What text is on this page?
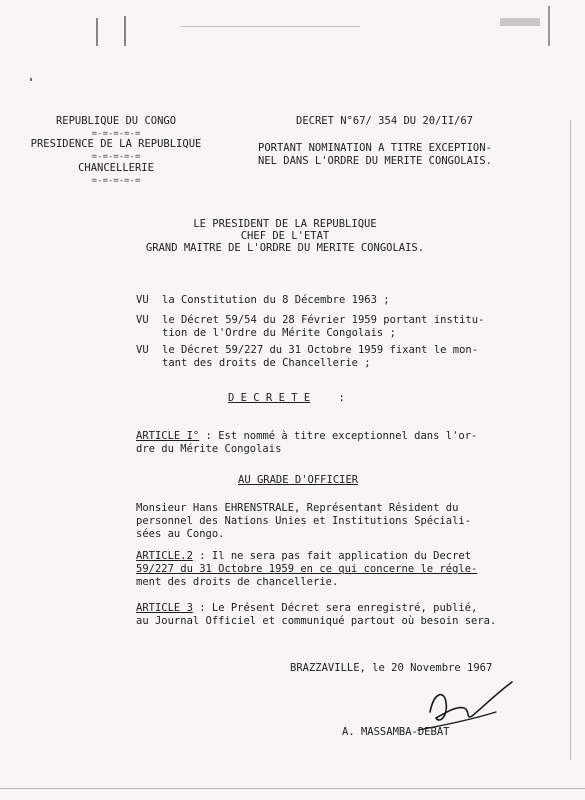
REPUBLIQUE DU CONGO
=-=-=-=-=
PRESIDENCE DE LA REPUBLIQUE
=-=-=-=-=
CHANCELLERIE
=-=-=-=-=
DECRET N°67/ 354 DU 20/II/67
PORTANT NOMINATION A TITRE EXCEPTION-
NEL DANS L'ORDRE DU MERITE CONGOLAIS.
LE PRESIDENT DE LA REPUBLIQUE
CHEF DE L'ETAT
GRAND MAITRE DE L'ORDRE DU MERITE CONGOLAIS.
VU la Constitution du 8 Décembre 1963 ;
VU le Décret 59/54 du 28 Février 1959 portant institu-
tion de l'Ordre du Mérite Congolais ;
VU le Décret 59/227 du 31 Octobre 1959 fixant le mon-
tant des droits de Chancellerie ;
D E C R E T E	:
ARTICLE I° : Est nommé à titre exceptionnel dans l'or-
dre du Mérite Congolais
AU GRADE D'OFFICIER
Monsieur Hans EHRENSTRALE, Représentant Résident du
personnel des Nations Unies et Institutions Spéciali-
sées au Congo.
ARTICLE.2 : Il ne sera pas fait application du Decret
59/227 du 31 Octobre 1959 en ce qui concerne le régle-
ment des droits de chancellerie.
ARTICLE 3 : Le Présent Décret sera enregistré, publié,
au Journal Officiel et communiqué partout où besoin sera.
BRAZZAVILLE, le 20 Novembre 1967
A. MASSAMBA-DEBAT
